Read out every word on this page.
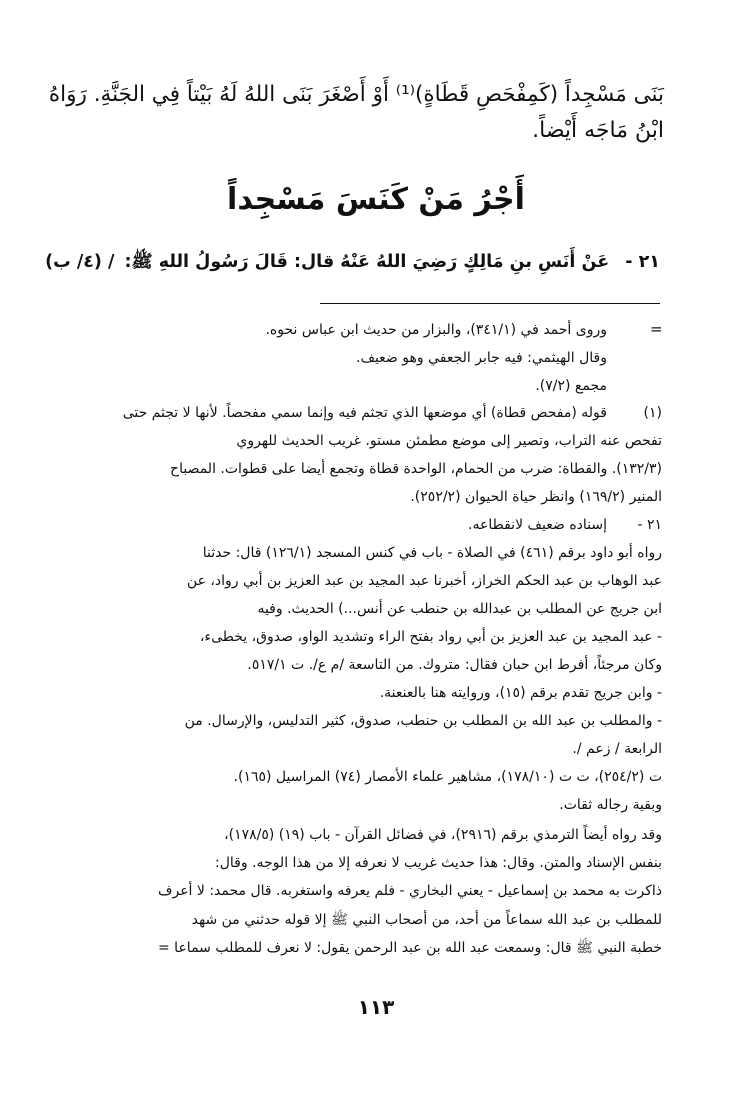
بَنَى مَسْجِداً (كَمِفْحَصِ قَطَاةٍ)⁽¹⁾ أَوْ أَصْغَرَ بَنَى اللهُ لَهُ بَيْتاً فِي الجَنَّةِ. رَوَاهُ
ابْنُ مَاجَه أَيْضاً.
أَجْرُ مَنْ كَنَسَ مَسْجِداً
٢١ - عَنْ أَنَسِ بنِ مَالِكٍ رَضِيَ اللهُ عَنْهُ قال: قَالَ رَسُولُ اللهِ ﷺ: / (٤/ ب)
=
وروى أحمد في (٣٤١/١)، والبزار من حديث ابن عباس نحوه.
وقال الهيثمي: فيه جابر الجعفي وهو ضعيف.
مجمع (٧/٢).
(١)
قوله (مفحص قطاة) أي موضعها الذي تجثم فيه وإنما سمي مفحصاً. لأنها لا تجثم حتى
تفحص عنه التراب، وتصير إلى موضع مطمئن مستو. غريب الحديث للهروي
(١٣٢/٣). والقطاة: ضرب من الحمام، الواحدة قطاة وتجمع أيضا على قطوات. المصباح
المنير (١٦٩/٢) وانظر حياة الحيوان (٢٥٢/٢).
٢١ -
إسناده ضعيف لانقطاعه.
رواه أبو داود برقم (٤٦١) في الصلاة - باب في كنس المسجد (١٢٦/١) قال: حدثنا
عبد الوهاب بن عبد الحكم الخراز، أخبرنا عبد المجيد بن عبد العزيز بن أبي رواد، عن
ابن جريج عن المطلب بن عبدالله بن حنطب عن أنس...) الحديث. وفيه
- عبد المجيد بن عبد العزيز بن أبي رواد بفتح الراء وتشديد الواو، صدوق، يخطىء،
وكان مرجئاً، أفرط ابن حبان فقال: متروك. من التاسعة /م ع/. ت ٥١٧/١.
- وابن جريج تقدم برقم (١٥)، وروايته هنا بالعنعنة.
- والمطلب بن عبد الله بن المطلب بن حنطب، صدوق، كثير التدليس، والإرسال. من
الرابعة / زعم /.
ت (٢٥٤/٢)، ت ت (١٧٨/١٠)، مشاهير علماء الأمصار (٧٤) المراسيل (١٦٥).
وبقية رجاله ثقات.
وقد رواه أيضاً الترمذي برقم (٢٩١٦)، في فضائل القرآن - باب (١٩) (١٧٨/٥)،
بنفس الإسناد والمتن. وقال: هذا حديث غريب لا نعرفه إلا من هذا الوجه. وقال:
ذاكرت به محمد بن إسماعيل - يعني البخاري - فلم يعرفه واستغربه. قال محمد: لا أعرف
للمطلب بن عبد الله سماعاً من أحد، من أصحاب النبي ﷺ إلا قوله حدثني من شهد
خطبة النبي ﷺ قال: وسمعت عبد الله بن عبد الرحمن يقول: لا نعرف للمطلب سماعا =
١١٣
